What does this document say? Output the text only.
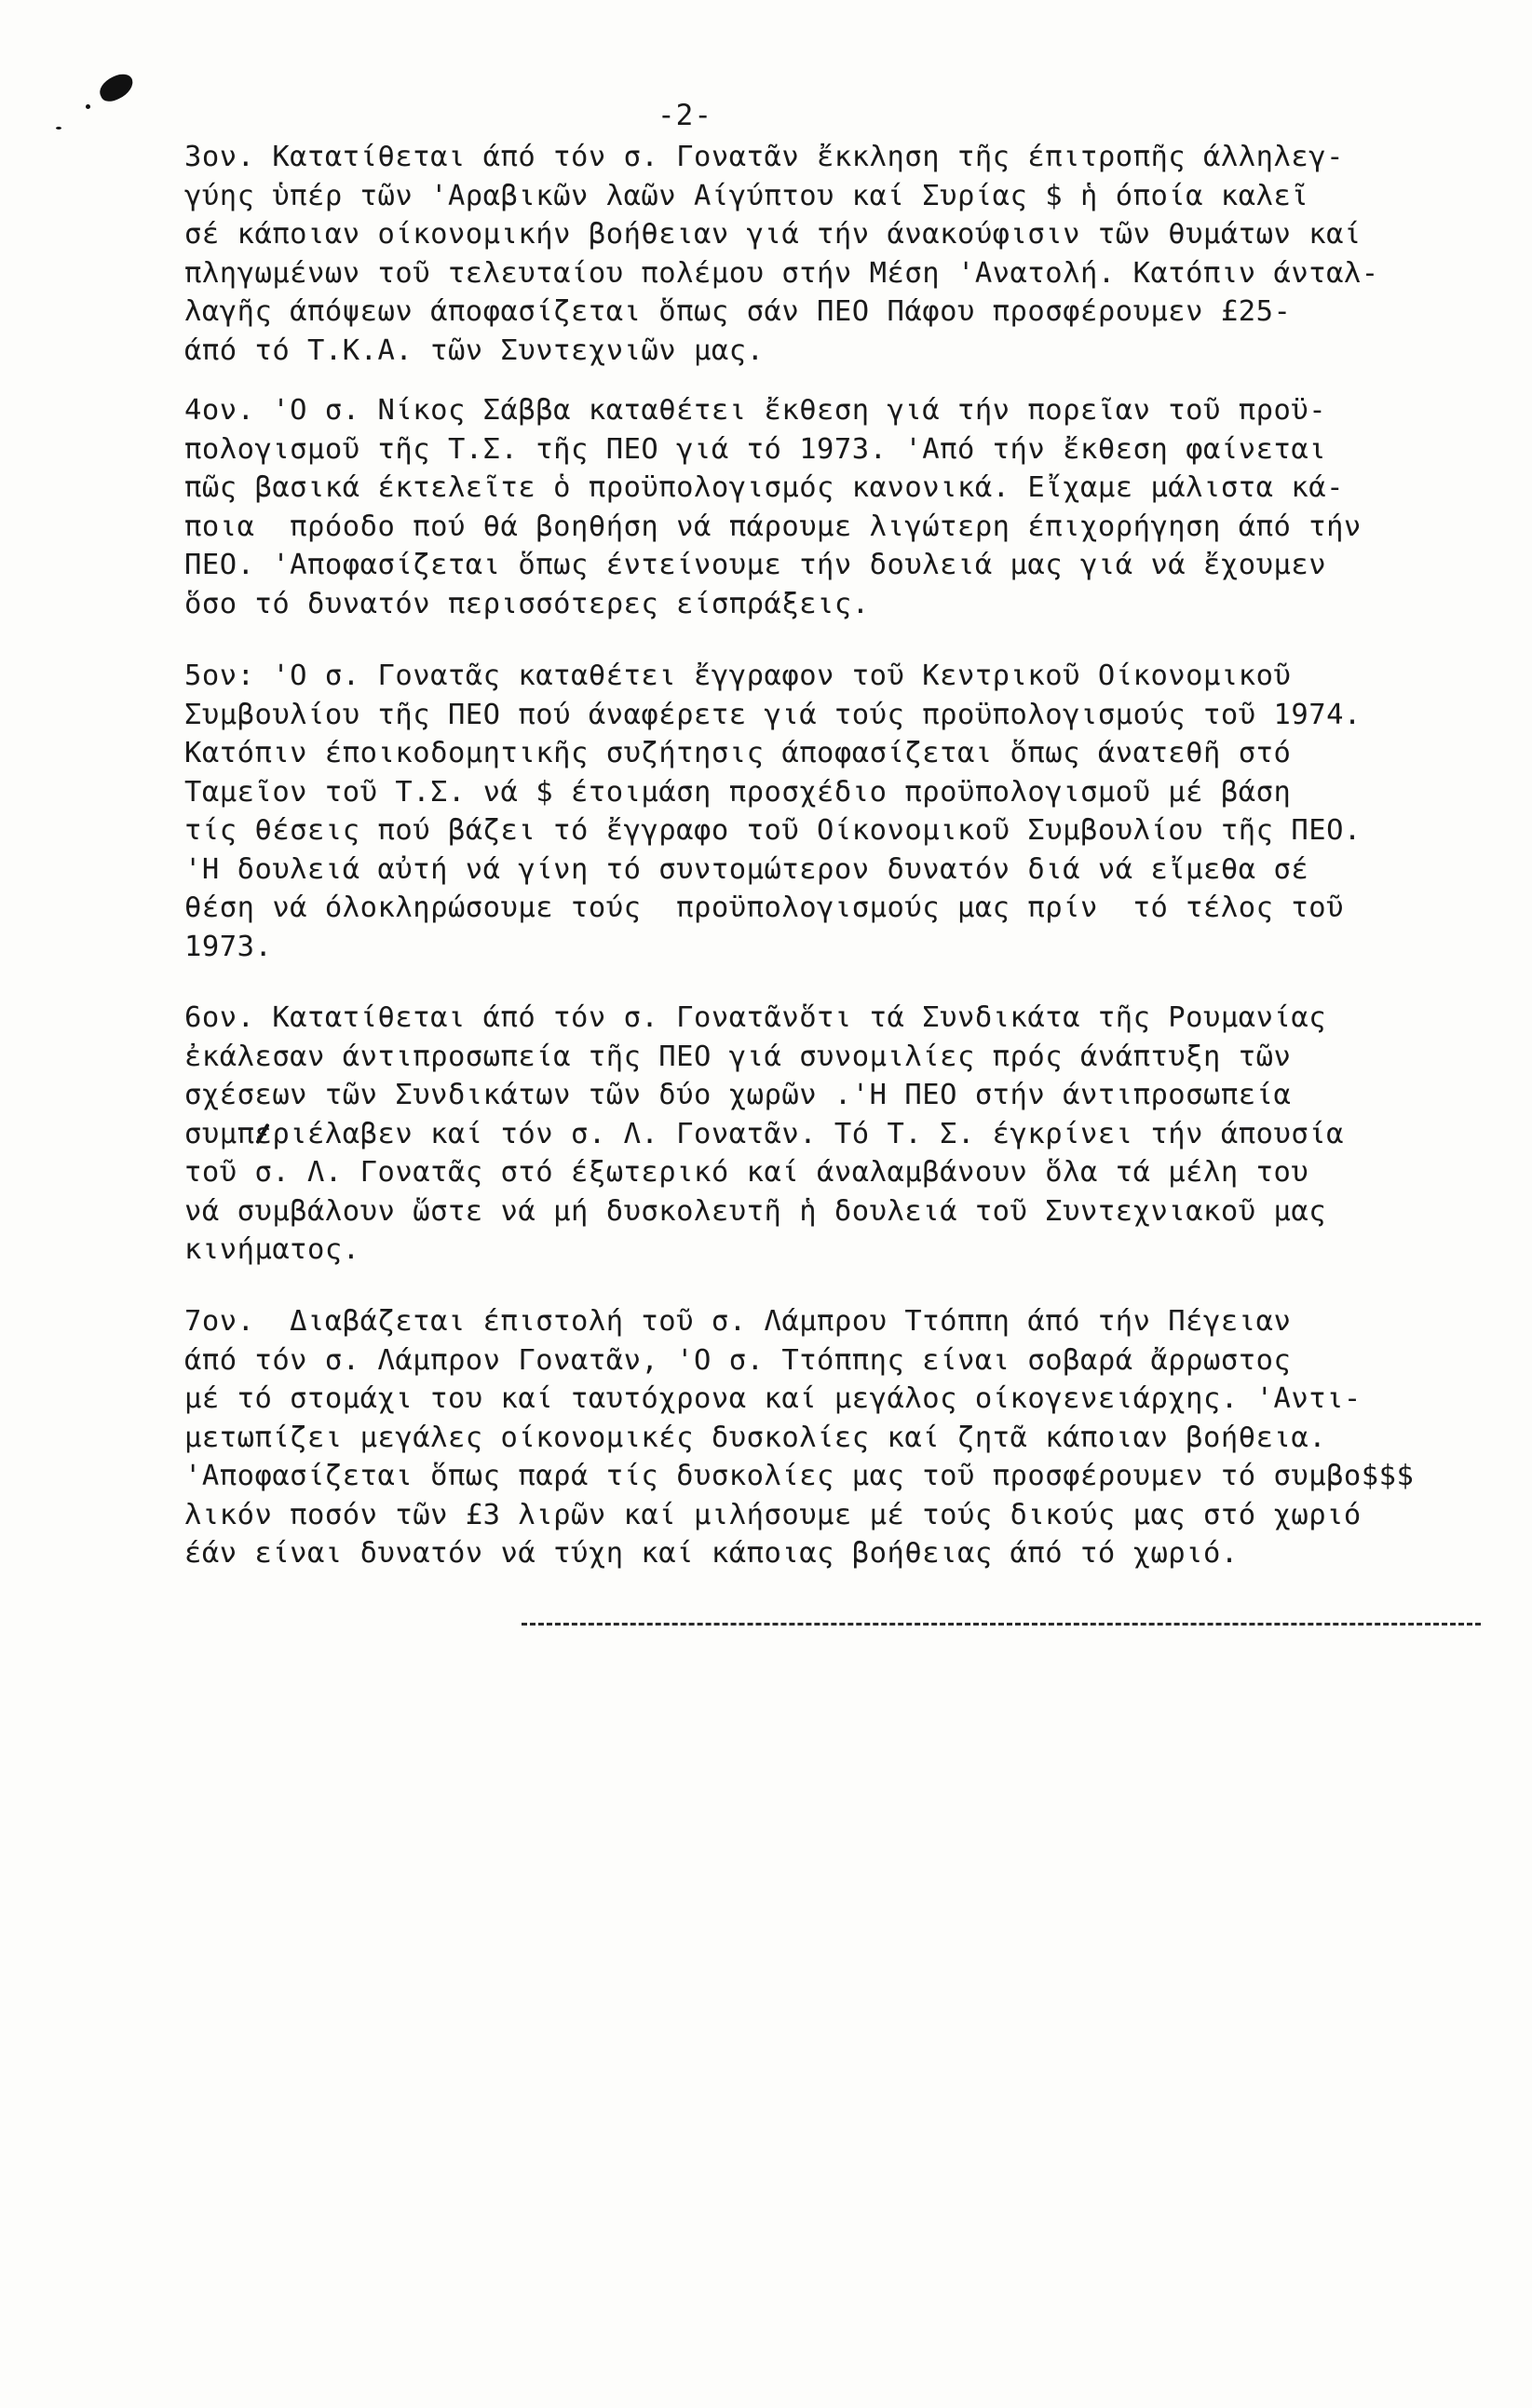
-2-
3ον. Κατατίθεται άπό τόν σ. Γονατᾶν ἔκκληση τῆς έπιτροπῆς άλληλεγ-
γύης ὑπέρ τῶν 'Αραβικῶν λαῶν Αίγύπτου καί Συρίας $ ἡ όποία καλεῖ
σέ κάποιαν οίκονομικήν βοήθειαν γιά τήν άνακούφισιν τῶν θυμάτων καί
πληγωμένων τοῦ τελευταίου πολέμου στήν Μέση 'Ανατολή. Κατόπιν άνταλ-
λαγῆς άπόψεων άποφασίζεται ὅπως σάν ΠΕΟ Πάφου προσφέρουμεν £25-
άπό τό Τ.Κ.Α. τῶν Συντεχνιῶν μας.
4ον. 'Ο σ. Νίκος Σάββα καταθέτει ἔκθεση γιά τήν πορεῖαν τοῦ προϋ-
πολογισμοῦ τῆς Τ.Σ. τῆς ΠΕΟ γιά τό 1973. 'Από τήν ἔκθεση φαίνεται
πῶς βασικά έκτελεῖτε ὁ προϋπολογισμός κανονικά. Εἴχαμε μάλιστα κά-
ποια  πρόοδο πού θά βοηθήση νά πάρουμε λιγώτερη έπιχορήγηση άπό τήν
ΠΕΟ. 'Αποφασίζεται ὅπως έντείνουμε τήν δουλειά μας γιά νά ἔχουμεν
ὅσο τό δυνατόν περισσότερες είσπράξεις.
5ον: 'Ο σ. Γονατᾶς καταθέτει ἔγγραφον τοῦ Κεντρικοῦ Οίκονομικοῦ
Συμβουλίου τῆς ΠΕΟ πού άναφέρετε γιά τούς προϋπολογισμούς τοῦ 1974.
Κατόπιν έποικοδομητικῆς συζήτησις άποφασίζεται ὅπως άνατεθῆ στό
Ταμεῖον τοῦ Τ.Σ. νά $ έτοιμάση προσχέδιο προϋπολογισμοῦ μέ βάση
τίς θέσεις πού βάζει τό ἔγγραφο τοῦ Οίκονομικοῦ Συμβουλίου τῆς ΠΕΟ.
'Η δουλειά αὐτή νά γίνη τό συντομώτερον δυνατόν διά νά εἴμεθα σέ
θέση νά όλοκληρώσουμε τούς  προϋπολογισμούς μας πρίν  τό τέλος τοῦ
1973.
6ον. Κατατίθεται άπό τόν σ. Γονατᾶνὅτι τά Συνδικάτα τῆς Ρουμανίας
ἐκάλεσαν άντιπροσωπεία τῆς ΠΕΟ γιά συνομιλίες πρός άνάπτυξη τῶν
σχέσεων τῶν Συνδικάτων τῶν δύο χωρῶν .'Η ΠΕΟ στήν άντιπροσωπεία
συμπεριέλαβεν καί τόν σ. Λ. Γονατᾶν. Τό Τ. Σ. έγκρίνει τήν άπουσία
τοῦ σ. Λ. Γονατᾶς στό έξωτερικό καί άναλαμβάνουν ὅλα τά μέλη του
νά συμβάλουν ὥστε νά μή δυσκολευτῆ ἡ δουλειά τοῦ Συντεχνιακοῦ μας
κινήματος.
7ον.  Διαβάζεται έπιστολή τοῦ σ. Λάμπρου Ττόππη άπό τήν Πέγειαν
άπό τόν σ. Λάμπρον Γονατᾶν, 'Ο σ. Ττόππης είναι σοβαρά ἄρρωστος
μέ τό στομάχι του καί ταυτόχρονα καί μεγάλος οίκογενειάρχης. 'Αντι-
μετωπίζει μεγάλες οίκονομικές δυσκολίες καί ζητᾶ κάποιαν βοήθεια.
'Αποφασίζεται ὅπως παρά τίς δυσκολίες μας τοῦ προσφέρουμεν τό συμβο$$$
λικόν ποσόν τῶν £3 λιρῶν καί μιλήσουμε μέ τούς δικούς μας στό χωριό
έάν είναι δυνατόν νά τύχη καί κάποιας βοήθειας άπό τό χωριό.
